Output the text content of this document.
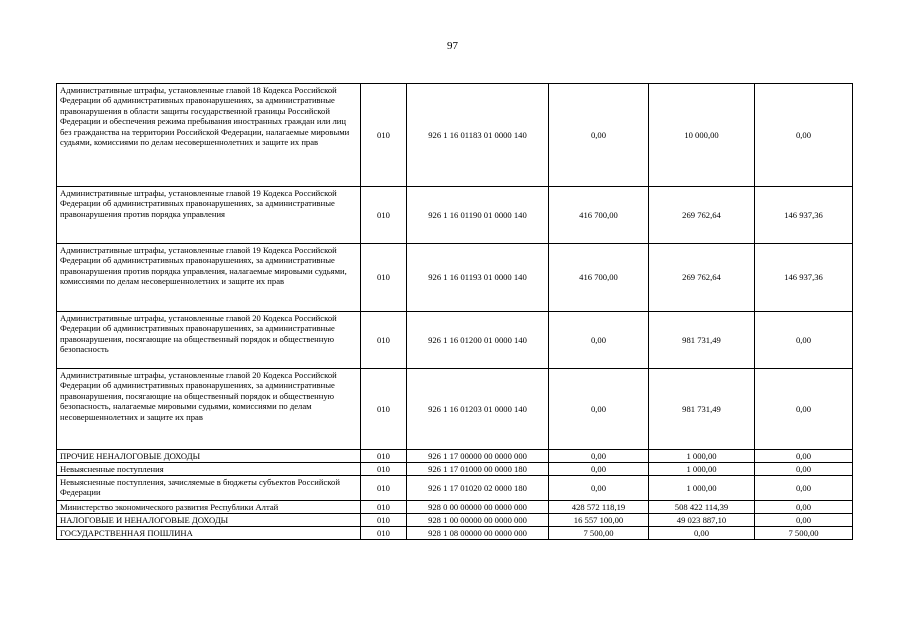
97
Административные штрафы, установленные главой 18 Кодекса Российской Федерации об административных правонарушениях, за административные правонарушения в области защиты государственной границы Российской Федерации и обеспечения режима пребывания иностранных граждан или лиц без гражданства на территории Российской Федерации, налагаемые мировыми судьями, комиссиями по делам несовершеннолетних и защите их прав	010	926 1 16 01183 01 0000 140	0,00	10 000,00	0,00
Административные штрафы, установленные главой 19 Кодекса Российской Федерации об административных правонарушениях, за административные правонарушения против порядка управления	010	926 1 16 01190 01 0000 140	416 700,00	269 762,64	146 937,36
Административные штрафы, установленные главой 19 Кодекса Российской Федерации об административных правонарушениях, за административные правонарушения против порядка управления, налагаемые мировыми судьями, комиссиями по делам несовершеннолетних и защите их прав	010	926 1 16 01193 01 0000 140	416 700,00	269 762,64	146 937,36
Административные штрафы, установленные главой 20 Кодекса Российской Федерации об административных правонарушениях, за административные правонарушения, посягающие на общественный порядок и общественную безопасность	010	926 1 16 01200 01 0000 140	0,00	981 731,49	0,00
Административные штрафы, установленные главой 20 Кодекса Российской Федерации об административных правонарушениях, за административные правонарушения, посягающие на общественный порядок и общественную безопасность, налагаемые мировыми судьями, комиссиями по делам несовершеннолетних и защите их прав	010	926 1 16 01203 01 0000 140	0,00	981 731,49	0,00
ПРОЧИЕ НЕНАЛОГОВЫЕ ДОХОДЫ	010	926 1 17 00000 00 0000 000	0,00	1 000,00	0,00
Невыясненные поступления	010	926 1 17 01000 00 0000 180	0,00	1 000,00	0,00
Невыясненные поступления, зачисляемые в бюджеты субъектов Российской Федерации	010	926 1 17 01020 02 0000 180	0,00	1 000,00	0,00
Министерство экономического развития Республики Алтай	010	928 0 00 00000 00 0000 000	428 572 118,19	508 422 114,39	0,00
НАЛОГОВЫЕ И НЕНАЛОГОВЫЕ ДОХОДЫ	010	928 1 00 00000 00 0000 000	16 557 100,00	49 023 887,10	0,00
ГОСУДАРСТВЕННАЯ ПОШЛИНА	010	928 1 08 00000 00 0000 000	7 500,00	0,00	7 500,00
